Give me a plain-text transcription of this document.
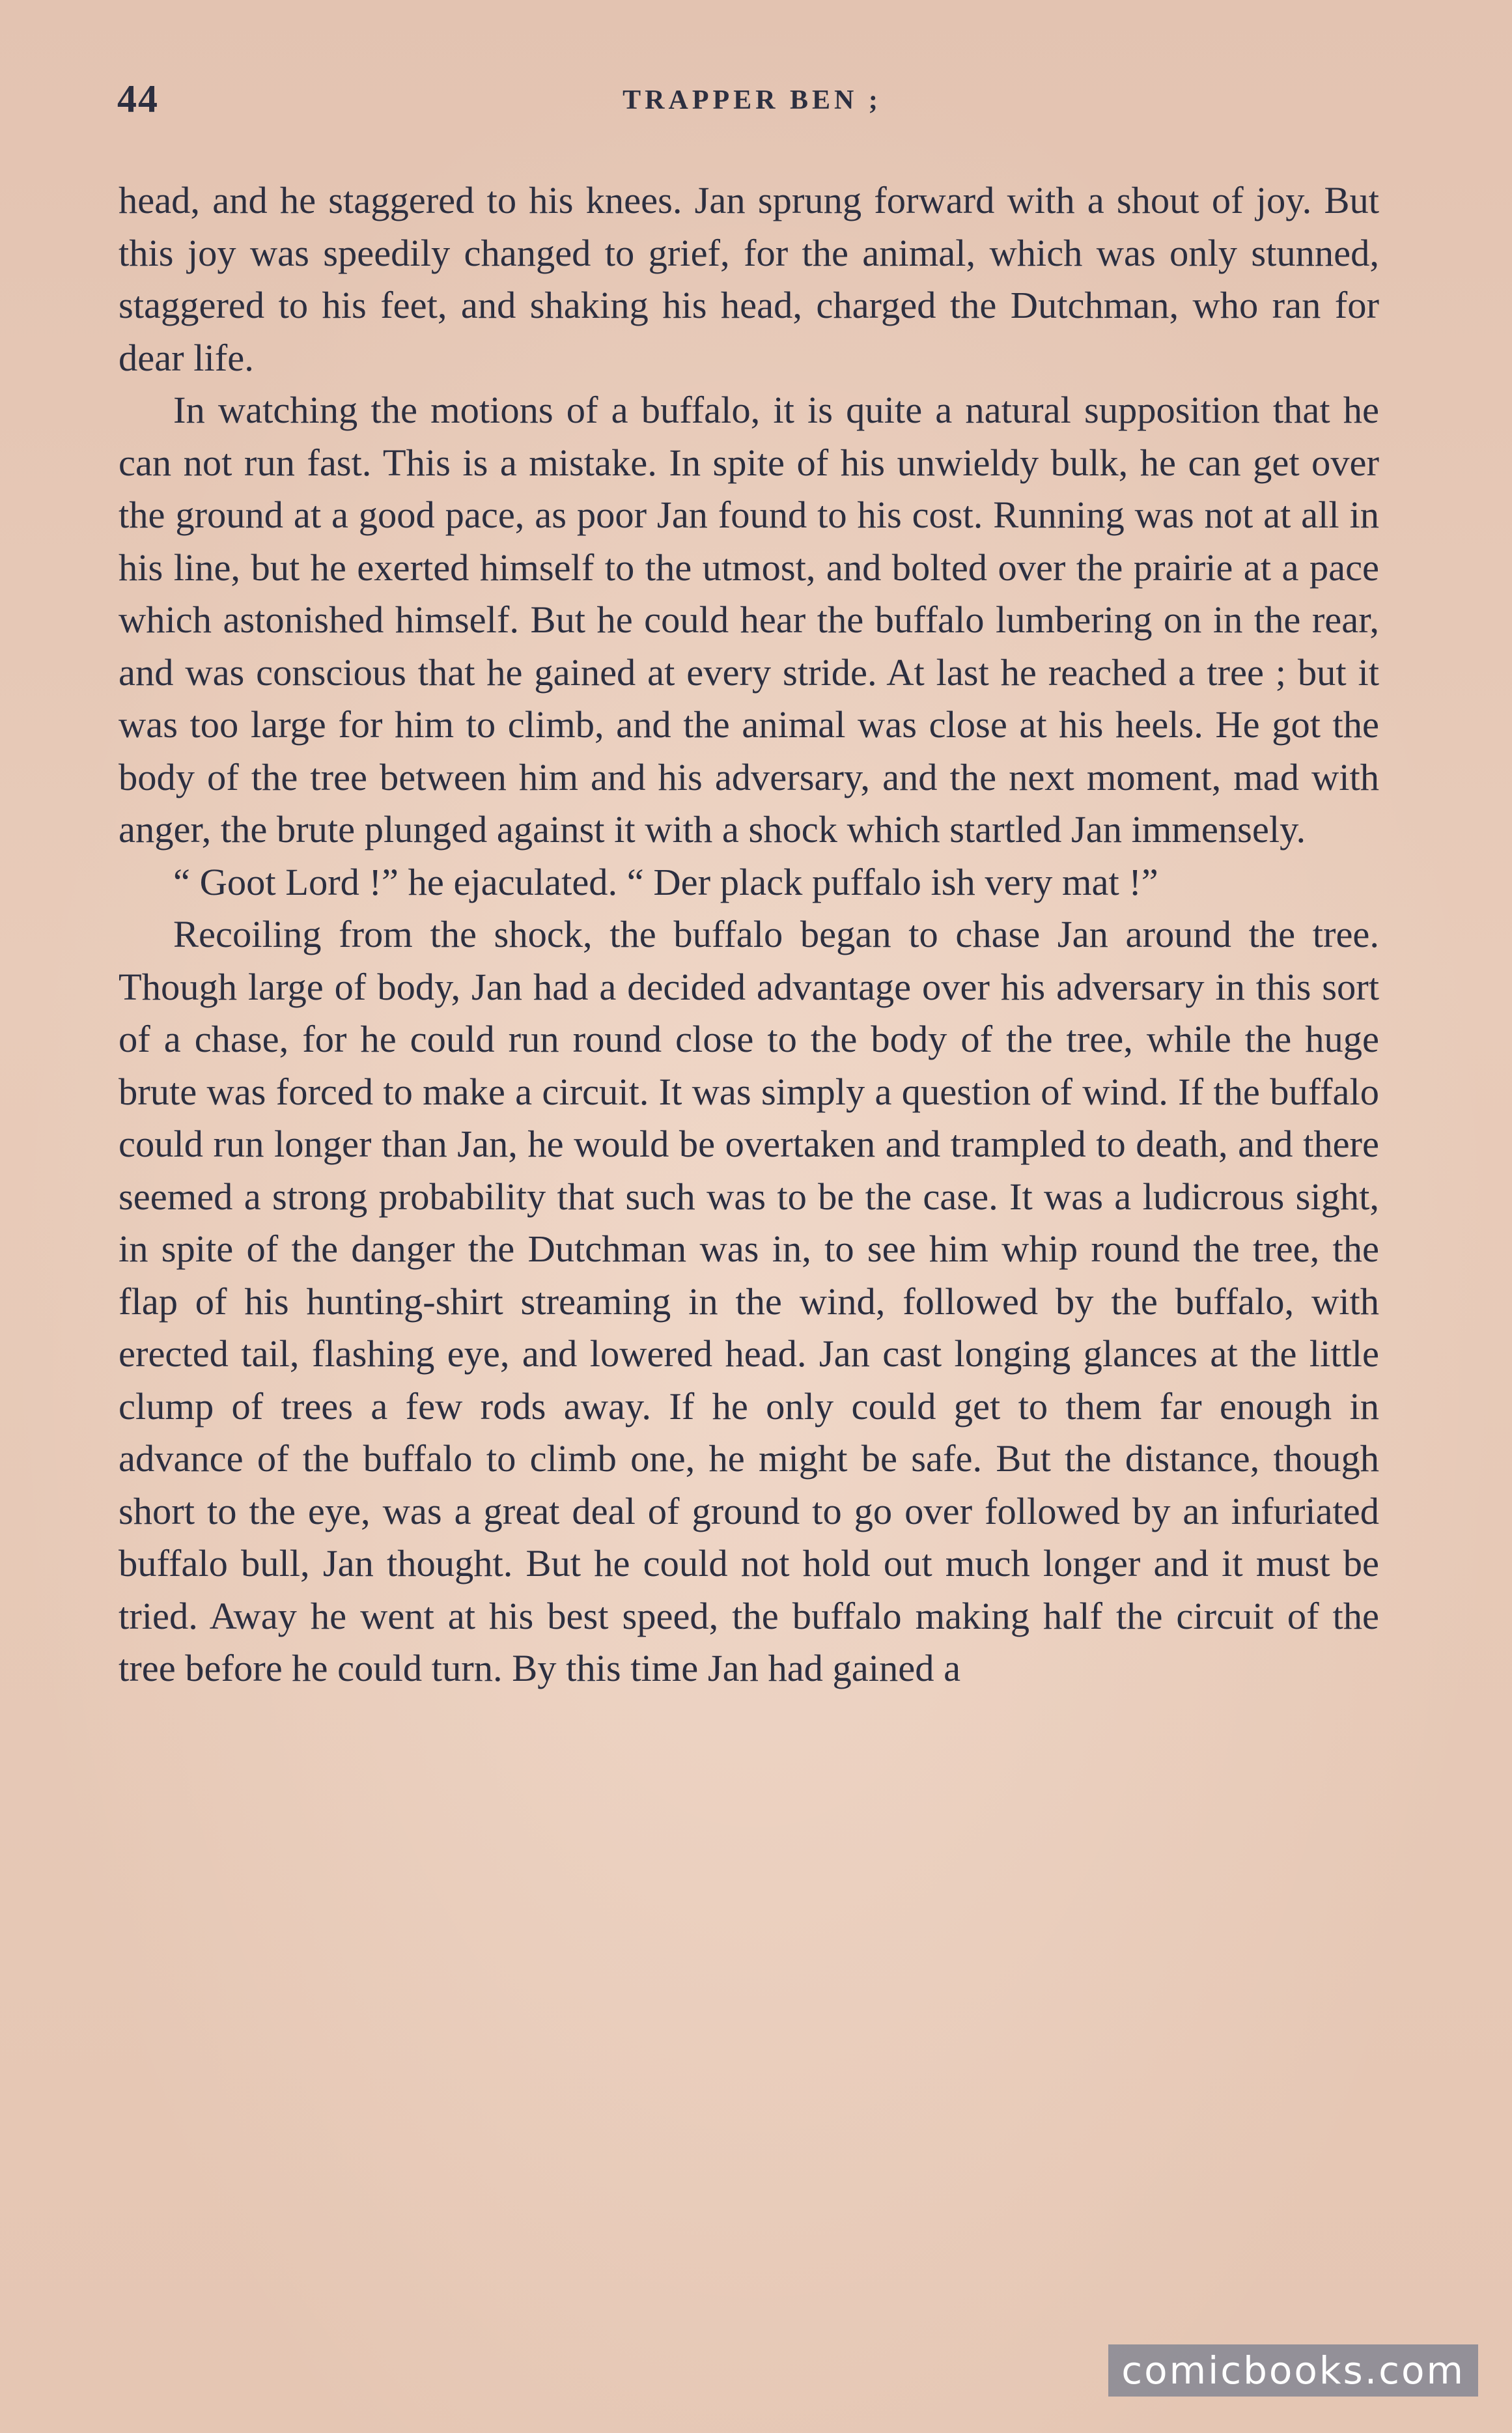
44	TRAPPER BEN ;

head, and he staggered to his knees. Jan sprung forward with a shout of joy. But this joy was speedily changed to grief, for the animal, which was only stunned, staggered to his feet, and shaking his head, charged the Dutchman, who ran for dear life.

In watching the motions of a buffalo, it is quite a natural supposition that he can not run fast. This is a mistake. In spite of his unwieldy bulk, he can get over the ground at a good pace, as poor Jan found to his cost. Running was not at all in his line, but he exerted himself to the utmost, and bolted over the prairie at a pace which astonished himself. But he could hear the buffalo lumbering on in the rear, and was conscious that he gained at every stride. At last he reached a tree ; but it was too large for him to climb, and the animal was close at his heels. He got the body of the tree between him and his adversary, and the next moment, mad with anger, the brute plunged against it with a shock which startled Jan immensely.

“ Goot Lord !” he ejaculated. “ Der plack puffalo ish very mat !”

Recoiling from the shock, the buffalo began to chase Jan around the tree. Though large of body, Jan had a decided advantage over his adversary in this sort of a chase, for he could run round close to the body of the tree, while the huge brute was forced to make a circuit. It was simply a question of wind. If the buffalo could run longer than Jan, he would be overtaken and trampled to death, and there seemed a strong probability that such was to be the case. It was a ludicrous sight, in spite of the danger the Dutchman was in, to see him whip round the tree, the flap of his hunting-shirt streaming in the wind, followed by the buffalo, with erected tail, flashing eye, and lowered head. Jan cast longing glances at the little clump of trees a few rods away. If he only could get to them far enough in advance of the buffalo to climb one, he might be safe. But the distance, though short to the eye, was a great deal of ground to go over followed by an infuriated buffalo bull, Jan thought. But he could not hold out much longer and it must be tried. Away he went at his best speed, the buffalo making half the circuit of the tree before he could turn. By this time Jan had gained a

comicbooks.com
